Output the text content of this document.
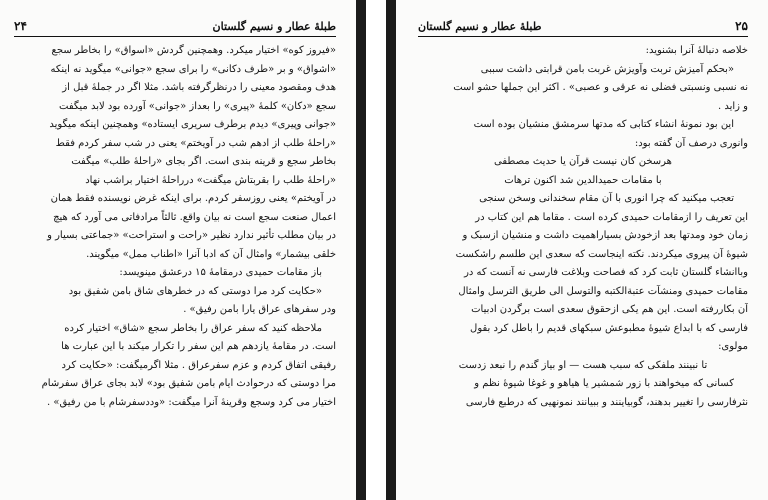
طبلهٔ عطار و نسیم گلستان
۲۴
«فیروز کوه» اختیار میکرد. وهمچنین گردش «اسواق» را بخاطر سجع
«اشواق» و بر «طرف دکانی» را برای سجع «جوانی» میگوید نه اینکه
هدف ومقصود معینی را درنظرگرفته باشد. مثلا اگر در جملهٔ قبل از
سجع «دکان» کلمهٔ «پیری» را بعداز «جوانی» آورده بود لابد میگفت
«جوانی وپیری» دیدم برطرف سریری ایستاده» وهمچنین اینکه میگوید
«راحلهٔ طلب از ادهم شب در آویختم» یعنی در شب سفر کردم فقط
بخاطر سجع و قرینه بندی است. اگر بجای «راحلهٔ طلب» میگفت
«راحلهٔ طلب را بقربتاش میگفت» درراحلهٔ اختیار براشب نهاد
در آویختم» یعنی روزسفر کردم. برای اینکه غرض نویسنده فقط همان
اعمال صنعت سجع است نه بیان واقع. ثالثاً مرادفاتی می آورد که هیچ
در بیان مطلب تأثیر ندارد نظیر «راحت و استراحت» «جماعتی بسیار و
خلقی بیشمار» وامثال آن که ادبا آنرا «اطناب ممل» میگویند.
باز مقامات حمیدی درمقامهٔ ۱۵ درعشق مینویسد:
«حکایت کرد مرا دوستی که در خطرهای شاق بامن شفیق بود
ودر سفرهای عراق یارا بامن رفیق» .
ملاحظه کنید که سفر عراق را بخاطر سجع «شاق» اختیار کرده
است. در مقامهٔ یازدهم هم این سفر را تکرار میکند با این عبارت ها
رفیقی اتفاق کردم و عزم سفرعراق . مثلا اگرمیگفت: «حکایت کرد
مرا دوستی که درحوادث ایام بامن شفیق بود» لابد بجای عراق سفرشام
اختیار می کرد وسجع وقرینهٔ آنرا میگفت: «وددسفرشام با من رفیق» .
۲۵
طبلهٔ عطار و نسیم گلستان
خلاصه دنبالهٔ آنرا بشنوید:
«بحکم آمیزش تربت وآویزش غربت بامن قرابتی داشت سببی
نه نسبی ونسبتی فضلی نه عرقی و عصبی» . اکثر این جملها حشو است
و زاید .
این بود نمونهٔ انشاء کتابی که مدتها سرمشق منشیان بوده است
وانوری درصف آن گفته بود:
هرسخن کان نیست قرآن یا حدیث مصطفی
با مقامات حمیدالدین شد اکنون ترهات
تعجب میکنید که چرا انوری با آن مقام سخندانی وسخن سنجی
این تعریف را ازمقامات حمیدی کرده است . مقاما هم این کتاب در
زمان خود ومدتها بعد ازخودش بسیاراهمیت داشت و منشیان ازسبک و
شیوهٔ آن پیروی میکردند. نکته اینجاست که سعدی این طلسم راشکست
وباانشاء گلستان ثابت کرد که فصاحت وبلاغت فارسی نه آنست که در
مقامات حمیدی ومنشآت عتبةالکتبه والتوسل الی طریق الترسل وامثال
آن بکاررفته است. این هم یکی ازحقوق سعدی است برگردن ادبیات
فارسی که با ابداع شیوهٔ مطبوعش سبکهای قدیم را باطل کرد بقول
مولوی:
تا نبینند ملفکی که سبب هست — او بیاز گندم را نبعد زدست
کسانی که میخواهند با زور شمشیر یا هیاهو و غوغا شیوهٔ نظم و
نثرفارسی را تغییر بدهند، گوبیاینند و ببیانند نمونهیی که درطبع فارسی
